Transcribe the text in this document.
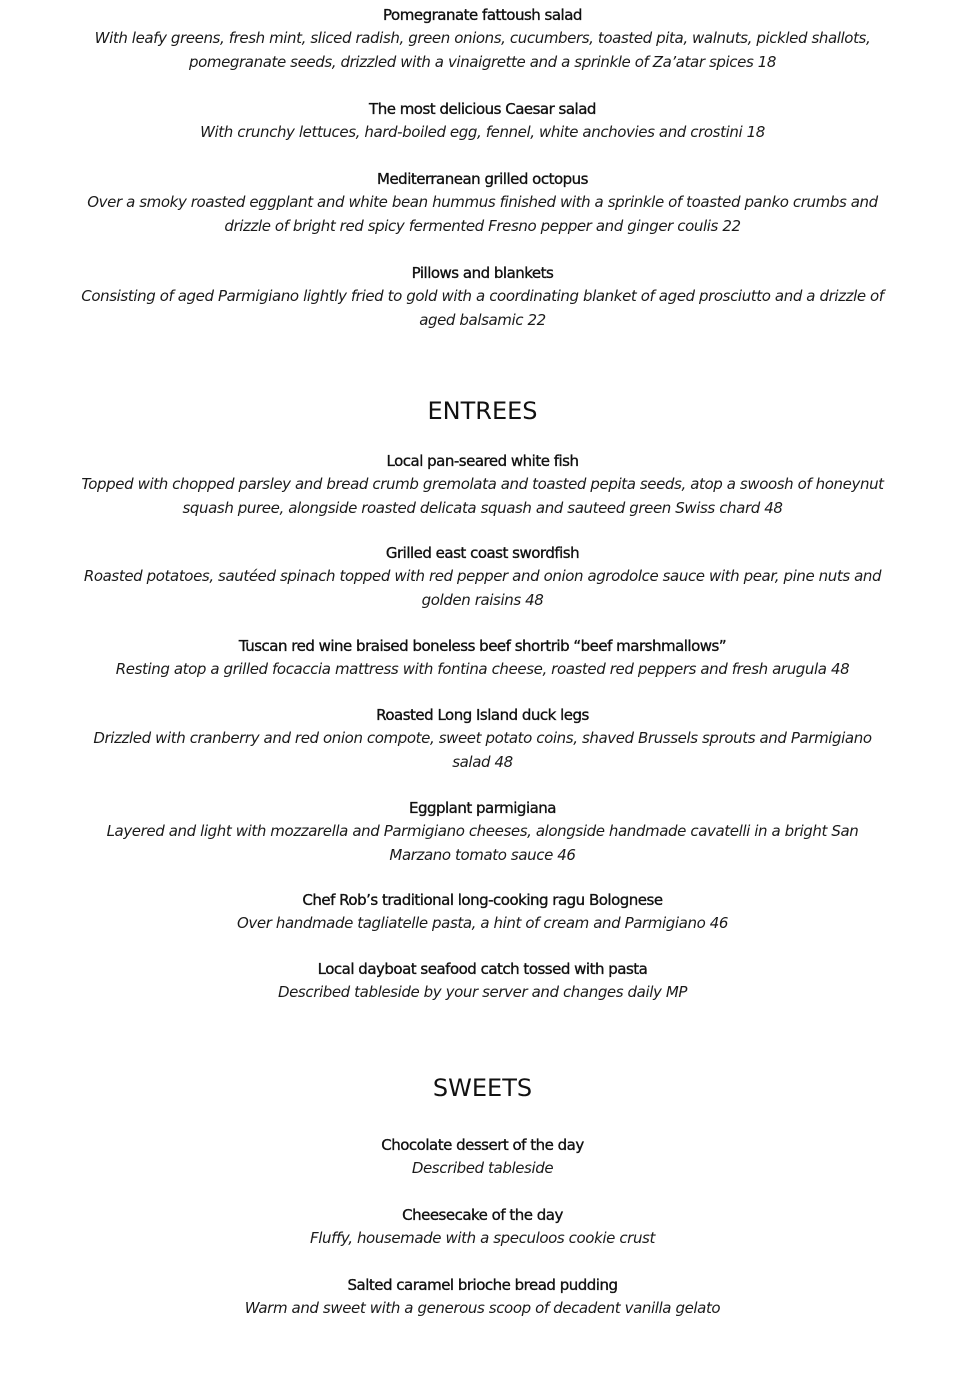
Pomegranate fattoush salad
With leafy greens, fresh mint, sliced radish, green onions, cucumbers, toasted pita, walnuts, pickled shallots, pomegranate seeds, drizzled with a vinaigrette and a sprinkle of Za’atar spices 18
The most delicious Caesar salad
With crunchy lettuces, hard-boiled egg, fennel, white anchovies and crostini 18
Mediterranean grilled octopus
Over a smoky roasted eggplant and white bean hummus finished with a sprinkle of toasted panko crumbs and drizzle of bright red spicy fermented Fresno pepper and ginger coulis 22
Pillows and blankets
Consisting of aged Parmigiano lightly fried to gold with a coordinating blanket of aged prosciutto and a drizzle of aged balsamic 22
ENTREES
Local pan-seared white fish
Topped with chopped parsley and bread crumb gremolata and toasted pepita seeds, atop a swoosh of honeynut squash puree, alongside roasted delicata squash and sauteed green Swiss chard 48
Grilled east coast swordfish
Roasted potatoes, sautéed spinach topped with red pepper and onion agrodolce sauce with pear, pine nuts and golden raisins 48
Tuscan red wine braised boneless beef shortrib “beef marshmallows”
Resting atop a grilled focaccia mattress with fontina cheese, roasted red peppers and fresh arugula 48
Roasted Long Island duck legs
Drizzled with cranberry and red onion compote, sweet potato coins, shaved Brussels sprouts and Parmigiano salad 48
Eggplant parmigiana
Layered and light with mozzarella and Parmigiano cheeses, alongside handmade cavatelli in a bright San Marzano tomato sauce 46
Chef Rob’s traditional long-cooking ragu Bolognese
Over handmade tagliatelle pasta, a hint of cream and Parmigiano 46
Local dayboat seafood catch tossed with pasta
Described tableside by your server and changes daily MP
SWEETS
Chocolate dessert of the day
Described tableside
Cheesecake of the day
Fluffy, housemade with a speculoos cookie crust
Salted caramel brioche bread pudding
Warm and sweet with a generous scoop of decadent vanilla gelato
